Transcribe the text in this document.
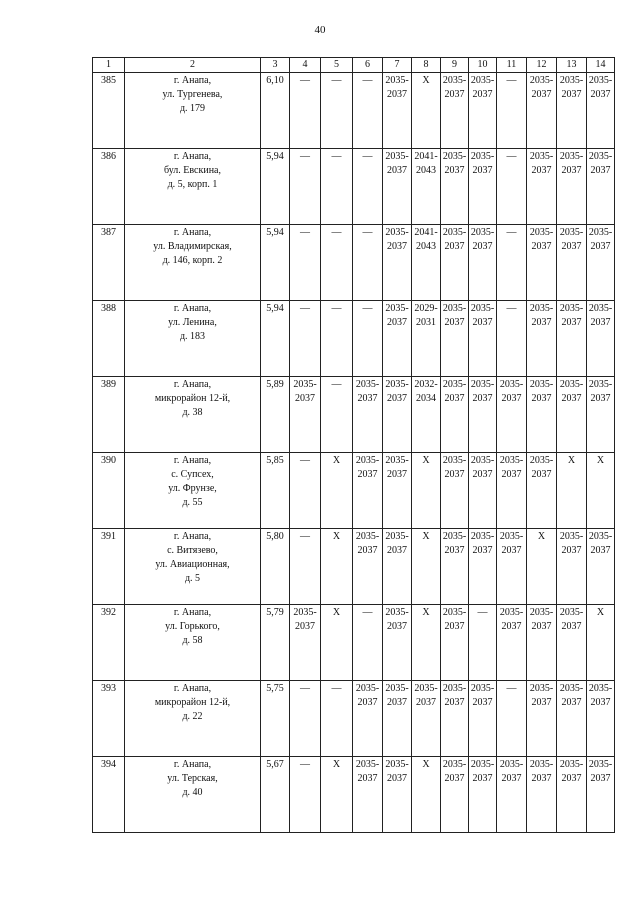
40
1	2	3	4	5	6	7	8	9	10	11	12	13	14
385	г. Анапа,
ул. Тургенева,
д. 179	6,10	—	—	—	2035-
2037	X	2035-
2037	2035-
2037	—	2035-
2037	2035-
2037	2035-
2037
386	г. Анапа,
бул. Евскина,
д. 5, корп. 1	5,94	—	—	—	2035-
2037	2041-
2043	2035-
2037	2035-
2037	—	2035-
2037	2035-
2037	2035-
2037
387	г. Анапа,
ул. Владимирская,
д. 146, корп. 2	5,94	—	—	—	2035-
2037	2041-
2043	2035-
2037	2035-
2037	—	2035-
2037	2035-
2037	2035-
2037
388	г. Анапа,
ул. Ленина,
д. 183	5,94	—	—	—	2035-
2037	2029-
2031	2035-
2037	2035-
2037	—	2035-
2037	2035-
2037	2035-
2037
389	г. Анапа,
микрорайон 12-й,
д. 38	5,89	2035-
2037	—	2035-
2037	2035-
2037	2032-
2034	2035-
2037	2035-
2037	2035-
2037	2035-
2037	2035-
2037	2035-
2037
390	г. Анапа,
с. Супсех,
ул. Фрунзе,
д. 55	5,85	—	X	2035-
2037	2035-
2037	X	2035-
2037	2035-
2037	2035-
2037	2035-
2037	X	X
391	г. Анапа,
с. Витязево,
ул. Авиационная,
д. 5	5,80	—	X	2035-
2037	2035-
2037	X	2035-
2037	2035-
2037	2035-
2037	X	2035-
2037	2035-
2037
392	г. Анапа,
ул. Горького,
д. 58	5,79	2035-
2037	X	—	2035-
2037	X	2035-
2037	—	2035-
2037	2035-
2037	2035-
2037	X
393	г. Анапа,
микрорайон 12-й,
д. 22	5,75	—	—	2035-
2037	2035-
2037	2035-
2037	2035-
2037	2035-
2037	—	2035-
2037	2035-
2037	2035-
2037
394	г. Анапа,
ул. Терская,
д. 40	5,67	—	X	2035-
2037	2035-
2037	X	2035-
2037	2035-
2037	2035-
2037	2035-
2037	2035-
2037	2035-
2037
